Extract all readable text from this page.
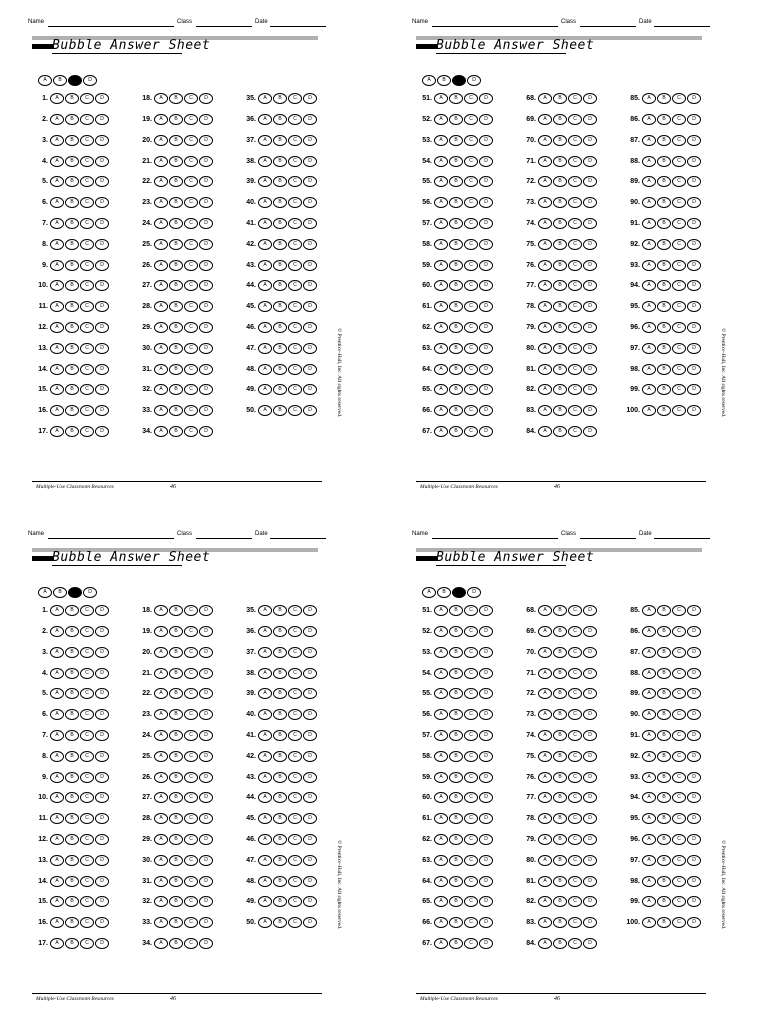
Name	Class	Date
Bubble Answer Sheet
A B C D
1. A B C D
2. A B C D
3. A B C D
4. A B C D
5. A B C D
6. A B C D
7. A B C D
8. A B C D
9. A B C D
10. A B C D
11. A B C D
12. A B C D
13. A B C D
14. A B C D
15. A B C D
16. A B C D
17. A B C D
18. A B C D
19. A B C D
20. A B C D
21. A B C D
22. A B C D
23. A B C D
24. A B C D
25. A B C D
26. A B C D
27. A B C D
28. A B C D
29. A B C D
30. A B C D
31. A B C D
32. A B C D
33. A B C D
34. A B C D
35. A B C D
36. A B C D
37. A B C D
38. A B C D
39. A B C D
40. A B C D
41. A B C D
42. A B C D
43. A B C D
44. A B C D
45. A B C D
46. A B C D
47. A B C D
48. A B C D
49. A B C D
50. A B C D
Multiple-Use Classroom Resources	46
© Prentice-Hall, Inc. All rights reserved.
Name	Class	Date
Bubble Answer Sheet
A B C D
51. A B C D
52. A B C D
53. A B C D
54. A B C D
55. A B C D
56. A B C D
57. A B C D
58. A B C D
59. A B C D
60. A B C D
61. A B C D
62. A B C D
63. A B C D
64. A B C D
65. A B C D
66. A B C D
67. A B C D
68. A B C D
69. A B C D
70. A B C D
71. A B C D
72. A B C D
73. A B C D
74. A B C D
75. A B C D
76. A B C D
77. A B C D
78. A B C D
79. A B C D
80. A B C D
81. A B C D
82. A B C D
83. A B C D
84. A B C D
85. A B C D
86. A B C D
87. A B C D
88. A B C D
89. A B C D
90. A B C D
91. A B C D
92. A B C D
93. A B C D
94. A B C D
95. A B C D
96. A B C D
97. A B C D
98. A B C D
99. A B C D
100. A B C D
Multiple-Use Classroom Resources	46
© Prentice-Hall, Inc. All rights reserved.
Name	Class	Date
Bubble Answer Sheet
A B C D
1. A B C D
2. A B C D
3. A B C D
4. A B C D
5. A B C D
6. A B C D
7. A B C D
8. A B C D
9. A B C D
10. A B C D
11. A B C D
12. A B C D
13. A B C D
14. A B C D
15. A B C D
16. A B C D
17. A B C D
18. A B C D
19. A B C D
20. A B C D
21. A B C D
22. A B C D
23. A B C D
24. A B C D
25. A B C D
26. A B C D
27. A B C D
28. A B C D
29. A B C D
30. A B C D
31. A B C D
32. A B C D
33. A B C D
34. A B C D
35. A B C D
36. A B C D
37. A B C D
38. A B C D
39. A B C D
40. A B C D
41. A B C D
42. A B C D
43. A B C D
44. A B C D
45. A B C D
46. A B C D
47. A B C D
48. A B C D
49. A B C D
50. A B C D
Multiple-Use Classroom Resources	46
© Prentice-Hall, Inc. All rights reserved.
Name	Class	Date
Bubble Answer Sheet
A B C D
51. A B C D
52. A B C D
53. A B C D
54. A B C D
55. A B C D
56. A B C D
57. A B C D
58. A B C D
59. A B C D
60. A B C D
61. A B C D
62. A B C D
63. A B C D
64. A B C D
65. A B C D
66. A B C D
67. A B C D
68. A B C D
69. A B C D
70. A B C D
71. A B C D
72. A B C D
73. A B C D
74. A B C D
75. A B C D
76. A B C D
77. A B C D
78. A B C D
79. A B C D
80. A B C D
81. A B C D
82. A B C D
83. A B C D
84. A B C D
85. A B C D
86. A B C D
87. A B C D
88. A B C D
89. A B C D
90. A B C D
91. A B C D
92. A B C D
93. A B C D
94. A B C D
95. A B C D
96. A B C D
97. A B C D
98. A B C D
99. A B C D
100. A B C D
Multiple-Use Classroom Resources	46
© Prentice-Hall, Inc. All rights reserved.
